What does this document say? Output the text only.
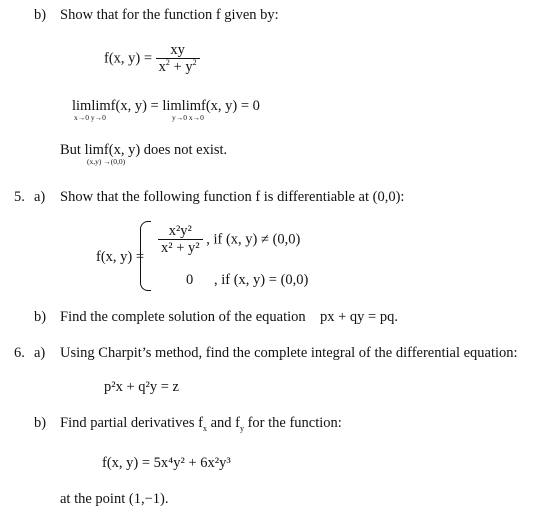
b) Show that for the function f given by:
f(x, $y) = \frac{xy}{x^2 + y^2}$
limlimf(x, y) = limlimf(x, y) = 0
x→0 y→0	y→0 x→0
But limf(x, y) does not exist.
(x,y) →(0,0)
5. a) Show that the following function f is differentiable at (0,0):
f(x, y) =
$\frac{\text{x²y²}}{\text{x² + y²}}$ , if (x, y) ≠ (0,0)
0 , if (x, y) = (0,0)
b) Find the complete solution of the equation px + qy = pq.
6. a) Using Charpit’s method, find the complete integral of the differential equation:
p²x + q²y = z
b) Find partial derivatives $f_x$ and $f_y$ for the function:
f(x, y) = 5x⁴y² + 6x²y³
at the point (1,−1).
